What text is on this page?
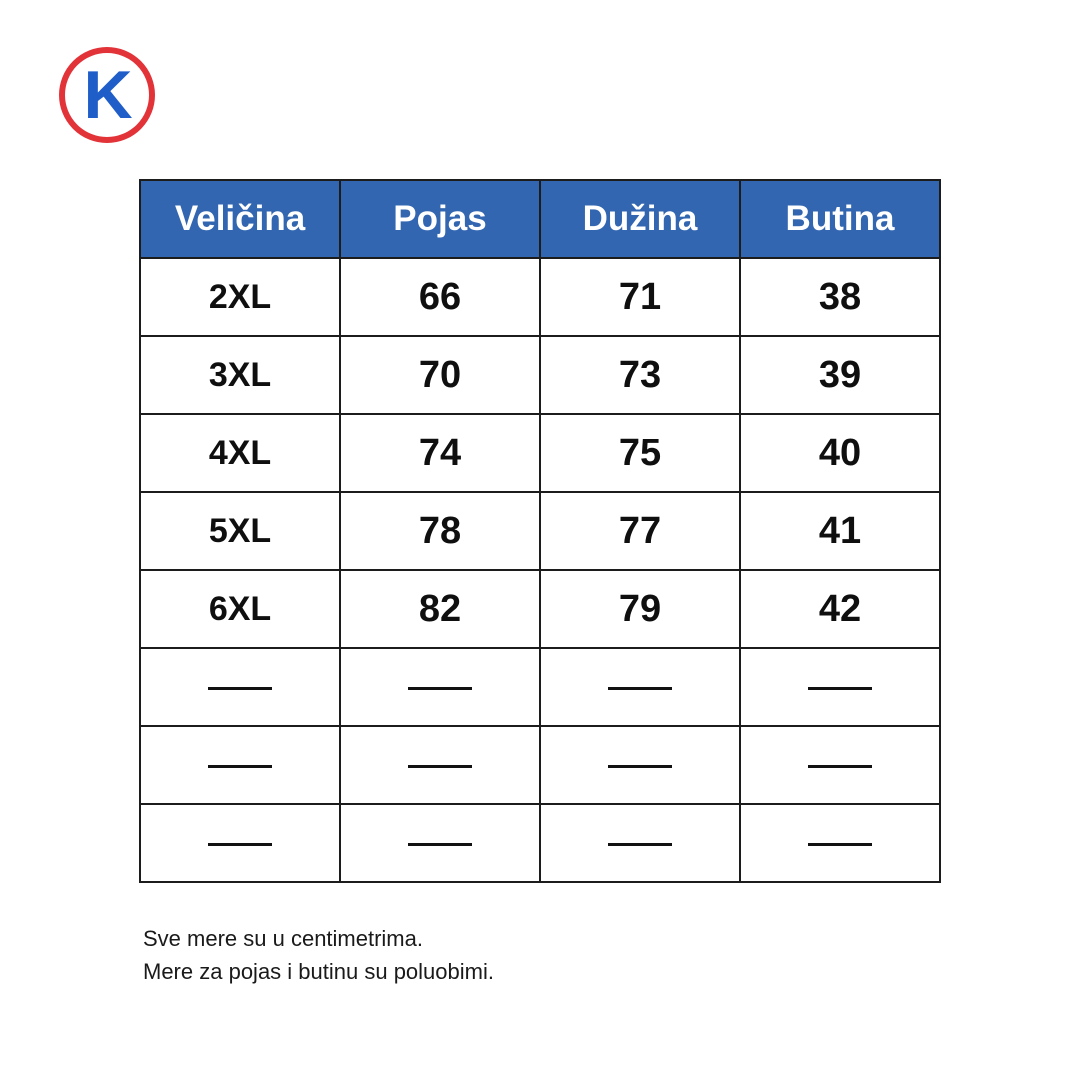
K
Veličina	Pojas	Dužina	Butina
2XL	66	71	38
3XL	70	73	39
4XL	74	75	40
5XL	78	77	41
6XL	82	79	42

Sve mere su u centimetrima.
Mere za pojas i butinu su poluobimi.
